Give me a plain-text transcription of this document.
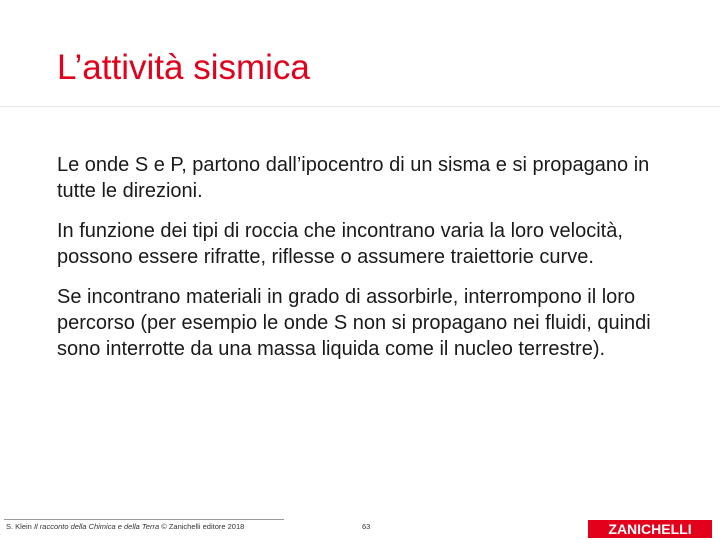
L’attività sismica

Le onde S e P, partono dall’ipocentro di un sisma e si propagano in tutte le direzioni.

In funzione dei tipi di roccia che incontrano varia la loro velocità, possono essere rifratte, riflesse o assumere traiettorie curve.

Se incontrano materiali in grado di assorbirle, interrompono il loro percorso (per esempio le onde S non si propagano nei fluidi, quindi sono interrotte da una massa liquida come il nucleo terrestre).

S. Klein Il racconto della Chimica e della Terra © Zanichelli editore 2018	63	ZANICHELLI
